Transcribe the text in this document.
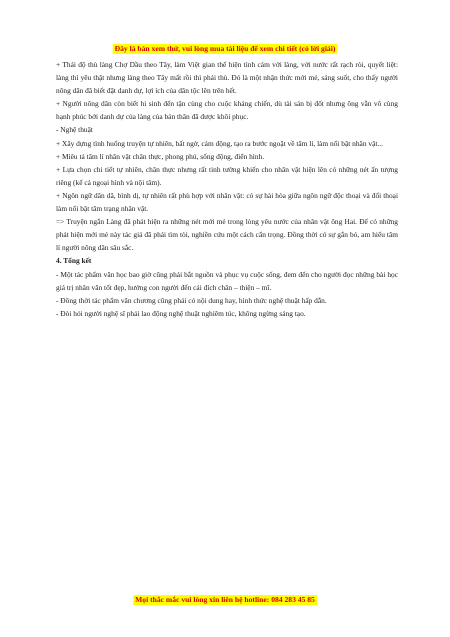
Đây là bản xem thử, vui lòng mua tài liệu để xem chi tiết (có lời giải)

+ Thái độ thù làng Chợ Dầu theo Tây, làm Việt gian thể hiện tình cảm với làng, với nước rất rạch ròi, quyết liệt: làng thì yêu thật nhưng làng theo Tây mất rồi thì phải thù. Đó là một nhận thức mới mẻ, sáng suốt, cho thấy người nông dân đã biết đặt danh dự, lợi ích của dân tộc lên trên hết.

+ Người nông dân còn biết hi sinh đến tận cùng cho cuộc kháng chiến, dù tài sản bị đốt nhưng ông vẫn vô cùng hạnh phúc bởi danh dự của làng của bản thân đã được khôi phục.

- Nghệ thuật

+ Xây dựng tình huống truyện tự nhiên, bất ngờ, cảm động, tạo ra bước ngoặt về tâm lí, làm nổi bật nhân vật...

+ Miêu tả tâm lí nhân vật chân thực, phong phú, sống động, điển hình.

+ Lựa chọn chi tiết tự nhiên, chân thực nhưng rất tinh tường khiến cho nhân vật hiện lên có những nét ấn tượng riêng (kể cả ngoại hình và nội tâm).

+ Ngôn ngữ dân dã, bình dị, tự nhiên rất phù hợp với nhân vật: có sự hài hòa giữa ngôn ngữ độc thoại và đối thoại làm nổi bật tâm trạng nhân vật.

=> Truyện ngắn Làng đã phát hiện ra những nét mới mẻ trong lòng yêu nước của nhân vật ông Hai. Để có những phát hiện mới mẻ này tác giả đã phải tìm tòi, nghiền cứu một cách cẩn trọng. Đồng thời có sự gắn bó, am hiểu tâm lí người nông dân sâu sắc.

4. Tổng kết

- Một tác phẩm văn học bao giờ cũng phải bắt nguồn và phục vụ cuộc sống, đem đến cho người đọc những bài học giá trị nhân văn tốt đẹp, hướng con người đến cái đích chân – thiện – mĩ.

- Đồng thời tác phẩm văn chương cũng phải có nội dung hay, hình thức nghệ thuật hấp dẫn.

- Đòi hỏi người nghệ sĩ phải lao động nghệ thuật nghiêm túc, không ngừng sáng tạo.

Mọi thắc mắc vui lòng xin liên hệ hotline: 084 283 45 85
